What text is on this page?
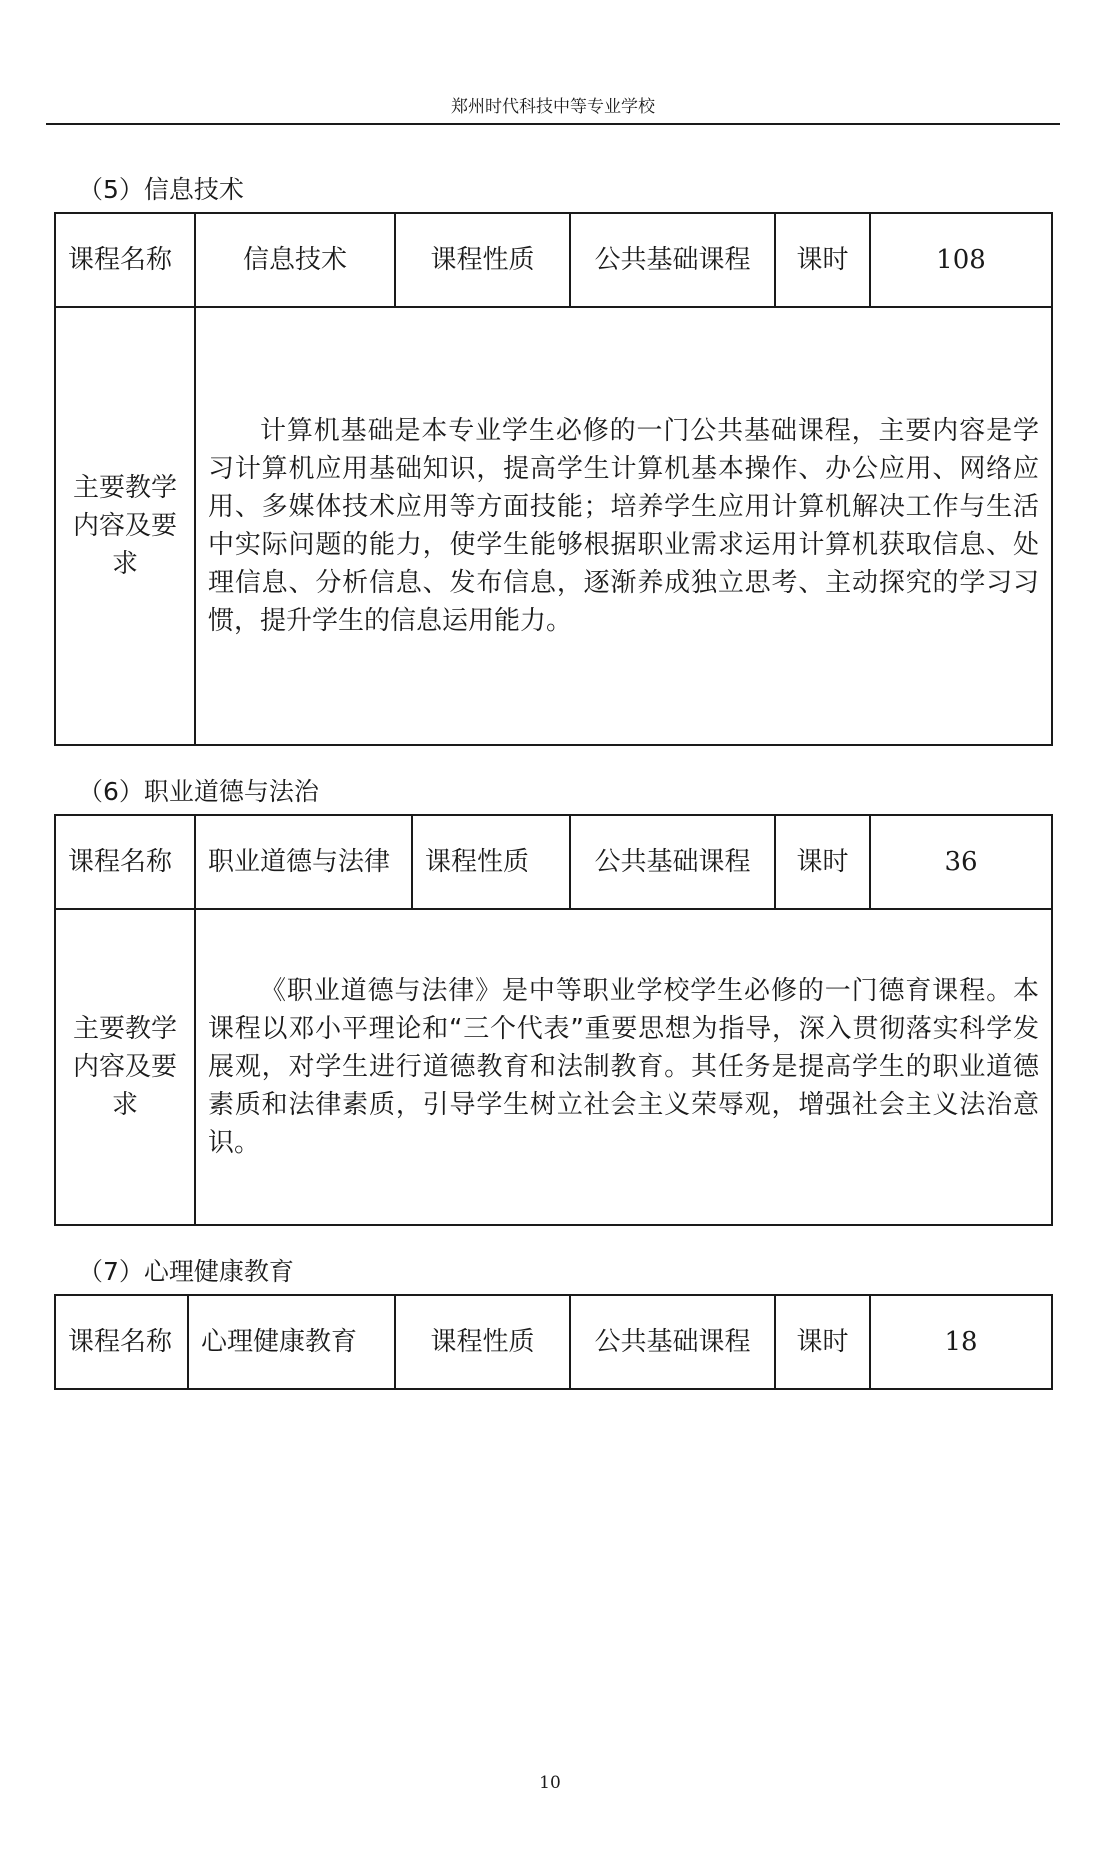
郑州时代科技中等专业学校
（5）信息技术
课程名称	信息技术	课程性质	公共基础课程	课时	108
主要教学内容及要求	计算机基础是本专业学生必修的一门公共基础课程，主要内容是学习计算机应用基础知识，提高学生计算机基本操作、办公应用、网络应用、多媒体技术应用等方面技能；培养学生应用计算机解决工作与生活中实际问题的能力，使学生能够根据职业需求运用计算机获取信息、处理信息、分析信息、发布信息，逐渐养成独立思考、主动探究的学习习惯，提升学生的信息运用能力。				
（6）职业道德与法治
课程名称	职业道德与法律	课程性质	公共基础课程	课时	36
主要教学内容及要求	《职业道德与法律》是中等职业学校学生必修的一门德育课程。本课程以邓小平理论和“三个代表”重要思想为指导，深入贯彻落实科学发展观，对学生进行道德教育和法制教育。其任务是提高学生的职业道德素质和法律素质，引导学生树立社会主义荣辱观，增强社会主义法治意识。				
（7）心理健康教育
课程名称	心理健康教育	课程性质	公共基础课程	课时	18
10
